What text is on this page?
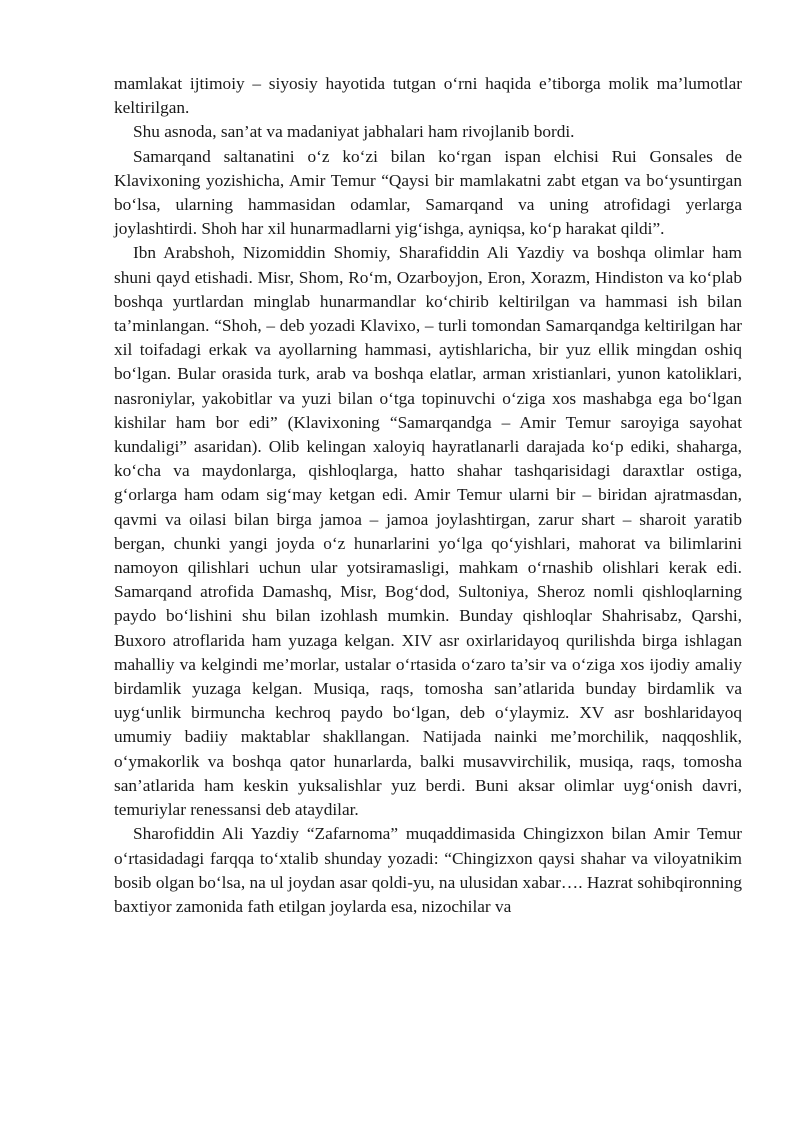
mamlakat ijtimoiy – siyosiy hayotida tutgan o‘rni haqida e’tiborga molik ma’lumotlar keltirilgan.

Shu asnoda, san’at va madaniyat jabhalari ham rivojlanib bordi.

Samarqand saltanatini o‘z ko‘zi bilan ko‘rgan ispan elchisi Rui Gonsales de Klavixoning yozishicha, Amir Temur “Qaysi bir mamlakatni zabt etgan va bo‘ysuntirgan bo‘lsa, ularning hammasidan odamlar, Samarqand va uning atrofidagi yerlarga joylashtirdi. Shoh har xil hunarmadlarni yig‘ishga, ayniqsa, ko‘p harakat qildi”.

Ibn Arabshoh, Nizomiddin Shomiy, Sharafiddin Ali Yazdiy va boshqa olimlar ham shuni qayd etishadi. Misr, Shom, Ro‘m, Ozarboyjon, Eron, Xorazm, Hindiston va ko‘plab boshqa yurtlardan minglab hunarmandlar ko‘chirib keltirilgan va hammasi ish bilan ta’minlangan. “Shoh, – deb yozadi Klavixo, – turli tomondan Samarqandga keltirilgan har xil toifadagi erkak va ayollarning hammasi, aytishlaricha, bir yuz ellik mingdan oshiq bo‘lgan. Bular orasida turk, arab va boshqa elatlar, arman xristianlari, yunon katoliklari, nasroniylar, yakobitlar va yuzi bilan o‘tga topinuvchi o‘ziga xos mashabga ega bo‘lgan kishilar ham bor edi” (Klavixoning “Samarqandga – Amir Temur saroyiga sayohat kundaligi” asaridan). Olib kelingan xaloyiq hayratlanarli darajada ko‘p ediki, shaharga, ko‘cha va maydonlarga, qishloqlarga, hatto shahar tashqarisidagi daraxtlar ostiga, g‘orlarga ham odam sig‘may ketgan edi. Amir Temur ularni bir – biridan ajratmasdan, qavmi va oilasi bilan birga jamoa – jamoa joylashtirgan, zarur shart – sharoit yaratib bergan, chunki yangi joyda o‘z hunarlarini yo‘lga qo‘yishlari, mahorat va bilimlarini namoyon qilishlari uchun ular yotsiramasligi, mahkam o‘rnashib olishlari kerak edi. Samarqand atrofida Damashq, Misr, Bog‘dod, Sultoniya, Sheroz nomli qishloqlarning paydo bo‘lishini shu bilan izohlash mumkin. Bunday qishloqlar Shahrisabz, Qarshi, Buxoro atroflarida ham yuzaga kelgan. XIV asr oxirlaridayoq qurilishda birga ishlagan mahalliy va kelgindi me’morlar, ustalar o‘rtasida o‘zaro ta’sir va o‘ziga xos ijodiy amaliy birdamlik yuzaga kelgan. Musiqa, raqs, tomosha san’atlarida bunday birdamlik va uyg‘unlik birmuncha kechroq paydo bo‘lgan, deb o‘ylaymiz. XV asr boshlaridayoq umumiy badiiy maktablar shakllangan. Natijada nainki me’morchilik, naqqoshlik, o‘ymakorlik va boshqa qator hunarlarda, balki musavvirchilik, musiqa, raqs, tomosha san’atlarida ham keskin yuksalishlar yuz berdi. Buni aksar olimlar uyg‘onish davri, temuriylar renessansi deb ataydilar.

Sharofiddin Ali Yazdiy “Zafarnoma” muqaddimasida Chingizxon bilan Amir Temur o‘rtasidadagi farqqa to‘xtalib shunday yozadi: “Chingizxon qaysi shahar va viloyatnikim bosib olgan bo‘lsa, na ul joydan asar qoldi-yu, na ulusidan xabar…. Hazrat sohibqironning baxtiyor zamonida fath etilgan joylarda esa, nizochilar va
